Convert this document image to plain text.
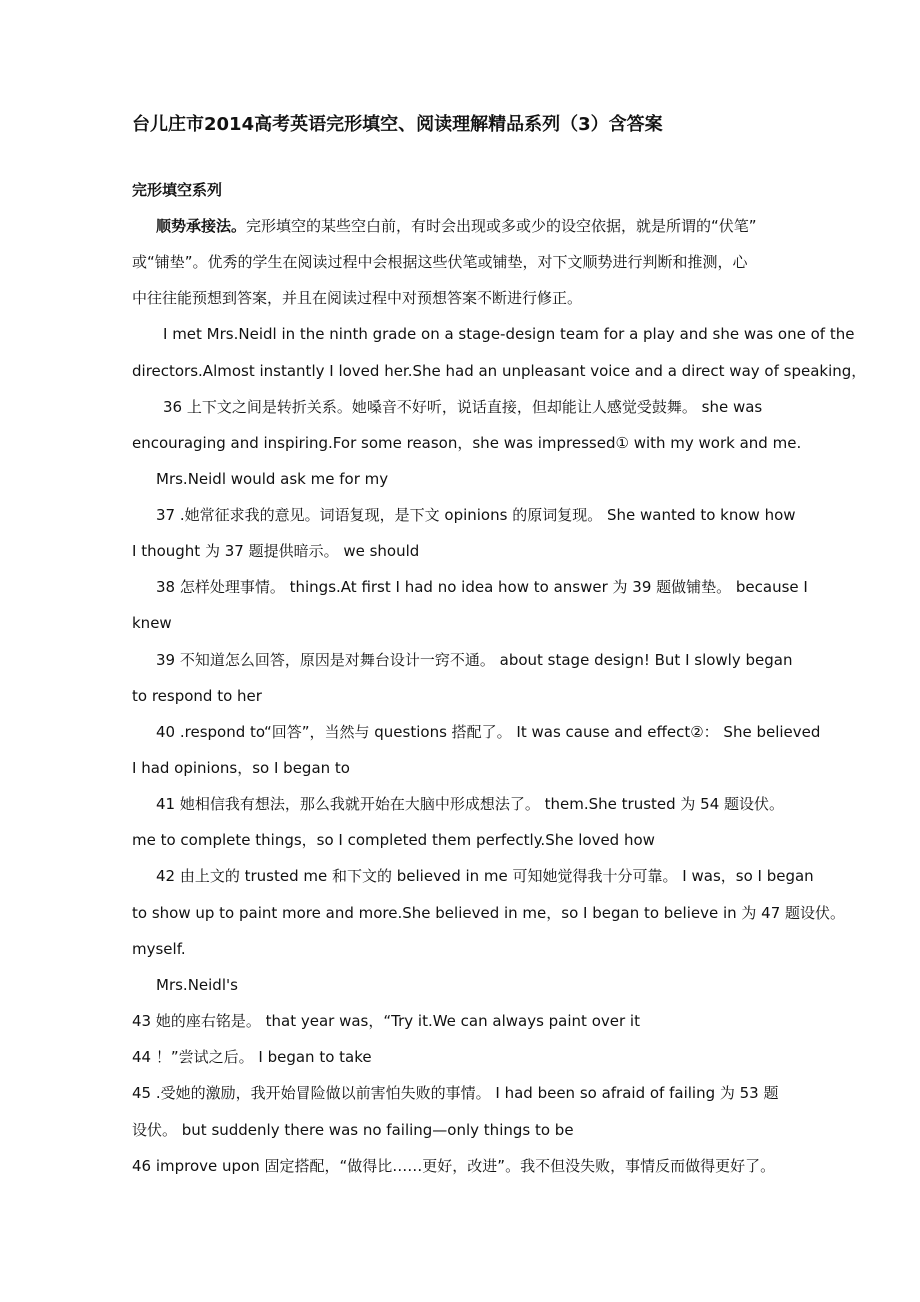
台儿庄市2014高考英语完形填空、阅读理解精品系列（3）含答案
完形填空系列
顺势承接法。完形填空的某些空白前，有时会出现或多或少的设空依据，就是所谓的“伏笔”
或“铺垫”。优秀的学生在阅读过程中会根据这些伏笔或铺垫，对下文顺势进行判断和推测，心
中往往能预想到答案，并且在阅读过程中对预想答案不断进行修正。
I met Mrs.Neidl in the ninth grade on a stage-design team for a play and she was one of the
directors.Almost instantly I loved her.She had an unpleasant voice and a direct way of speaking，
36 上下文之间是转折关系。她嗓音不好听，说话直接，但却能让人感觉受鼓舞。 she was
encouraging and inspiring.For some reason，she was impressed① with my work and me.
Mrs.Neidl would ask me for my
37 .她常征求我的意见。词语复现，是下文 opinions 的原词复现。 She wanted to know how
I thought 为 37 题提供暗示。 we should
38 怎样处理事情。 things.At first I had no idea how to answer 为 39 题做铺垫。 because I
knew
39 不知道怎么回答，原因是对舞台设计一窍不通。 about stage design! But I slowly began
to respond to her
40 .respond to“回答”，当然与 questions 搭配了。 It was cause and effect②： She believed
I had opinions，so I began to
41 她相信我有想法，那么我就开始在大脑中形成想法了。 them.She trusted 为 54 题设伏。
me to complete things，so I completed them perfectly.She loved how
42 由上文的 trusted me 和下文的 believed in me 可知她觉得我十分可靠。 I was，so I began
to show up to paint more and more.She believed in me，so I began to believe in 为 47 题设伏。
myself.
Mrs.Neidl's
43 她的座右铭是。 that year was，“Try it.We can always paint over it
44 ！”尝试之后。 I began to take
45 .受她的激励，我开始冒险做以前害怕失败的事情。 I had been so afraid of failing 为 53 题
设伏。 but suddenly there was no failing—only things to be
46 improve upon 固定搭配，“做得比……更好，改进”。我不但没失败，事情反而做得更好了。
